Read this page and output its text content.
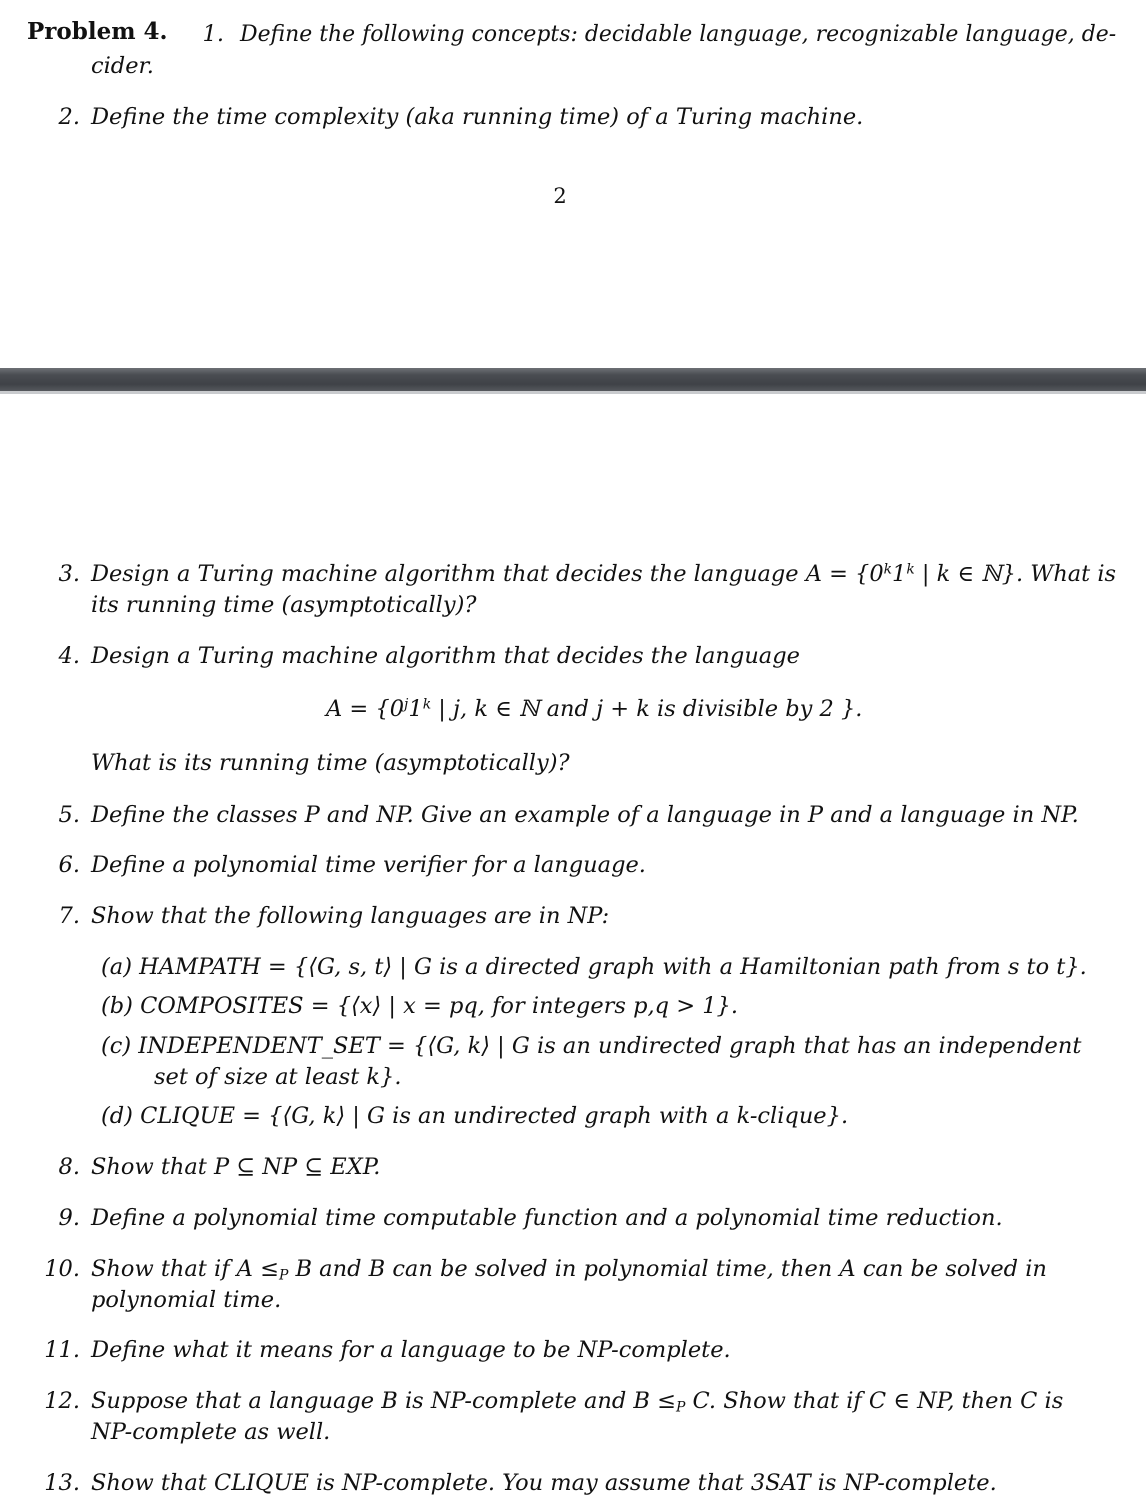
Problem 4.	1. Define the following concepts: decidable language, recognizable language, de-
cider.
2. Define the time complexity (aka running time) of a Turing machine.
2
3. Design a Turing machine algorithm that decides the language $A = \{0^k1^k$ | k ∈ ℕ}. What is
its running time (asymptotically)?
4. Design a Turing machine algorithm that decides the language
$A = \{0^j1^k$ | j, k ∈ ℕ and j + k is divisible by 2 }.
What is its running time (asymptotically)?
5. Define the classes P and NP. Give an example of a language in P and a language in NP.
6. Define a polynomial time verifier for a language.
7. Show that the following languages are in NP:
(a) HAMPATH = {⟨G, s, t⟩ | G is a directed graph with a Hamiltonian path from s to t}.
(b) COMPOSITES = {⟨x⟩ | x = pq, for integers p,q > 1}.
(c) INDEPENDENT_SET = {⟨G, k⟩ | G is an undirected graph that has an independent
set of size at least k}.
(d) CLIQUE = {⟨G, k⟩ | G is an undirected graph with a k-clique}.
8. Show that P ⊆ NP ⊆ EXP.
9. Define a polynomial time computable function and a polynomial time reduction.
10. Show that if $A \le_P$ B and B can be solved in polynomial time, then A can be solved in
polynomial time.
11. Define what it means for a language to be NP-complete.
12. Suppose that a language B is NP-complete and $B \le_P$ C. Show that if C ∈ NP, then C is
NP-complete as well.
13. Show that CLIQUE is NP-complete. You may assume that 3SAT is NP-complete.
